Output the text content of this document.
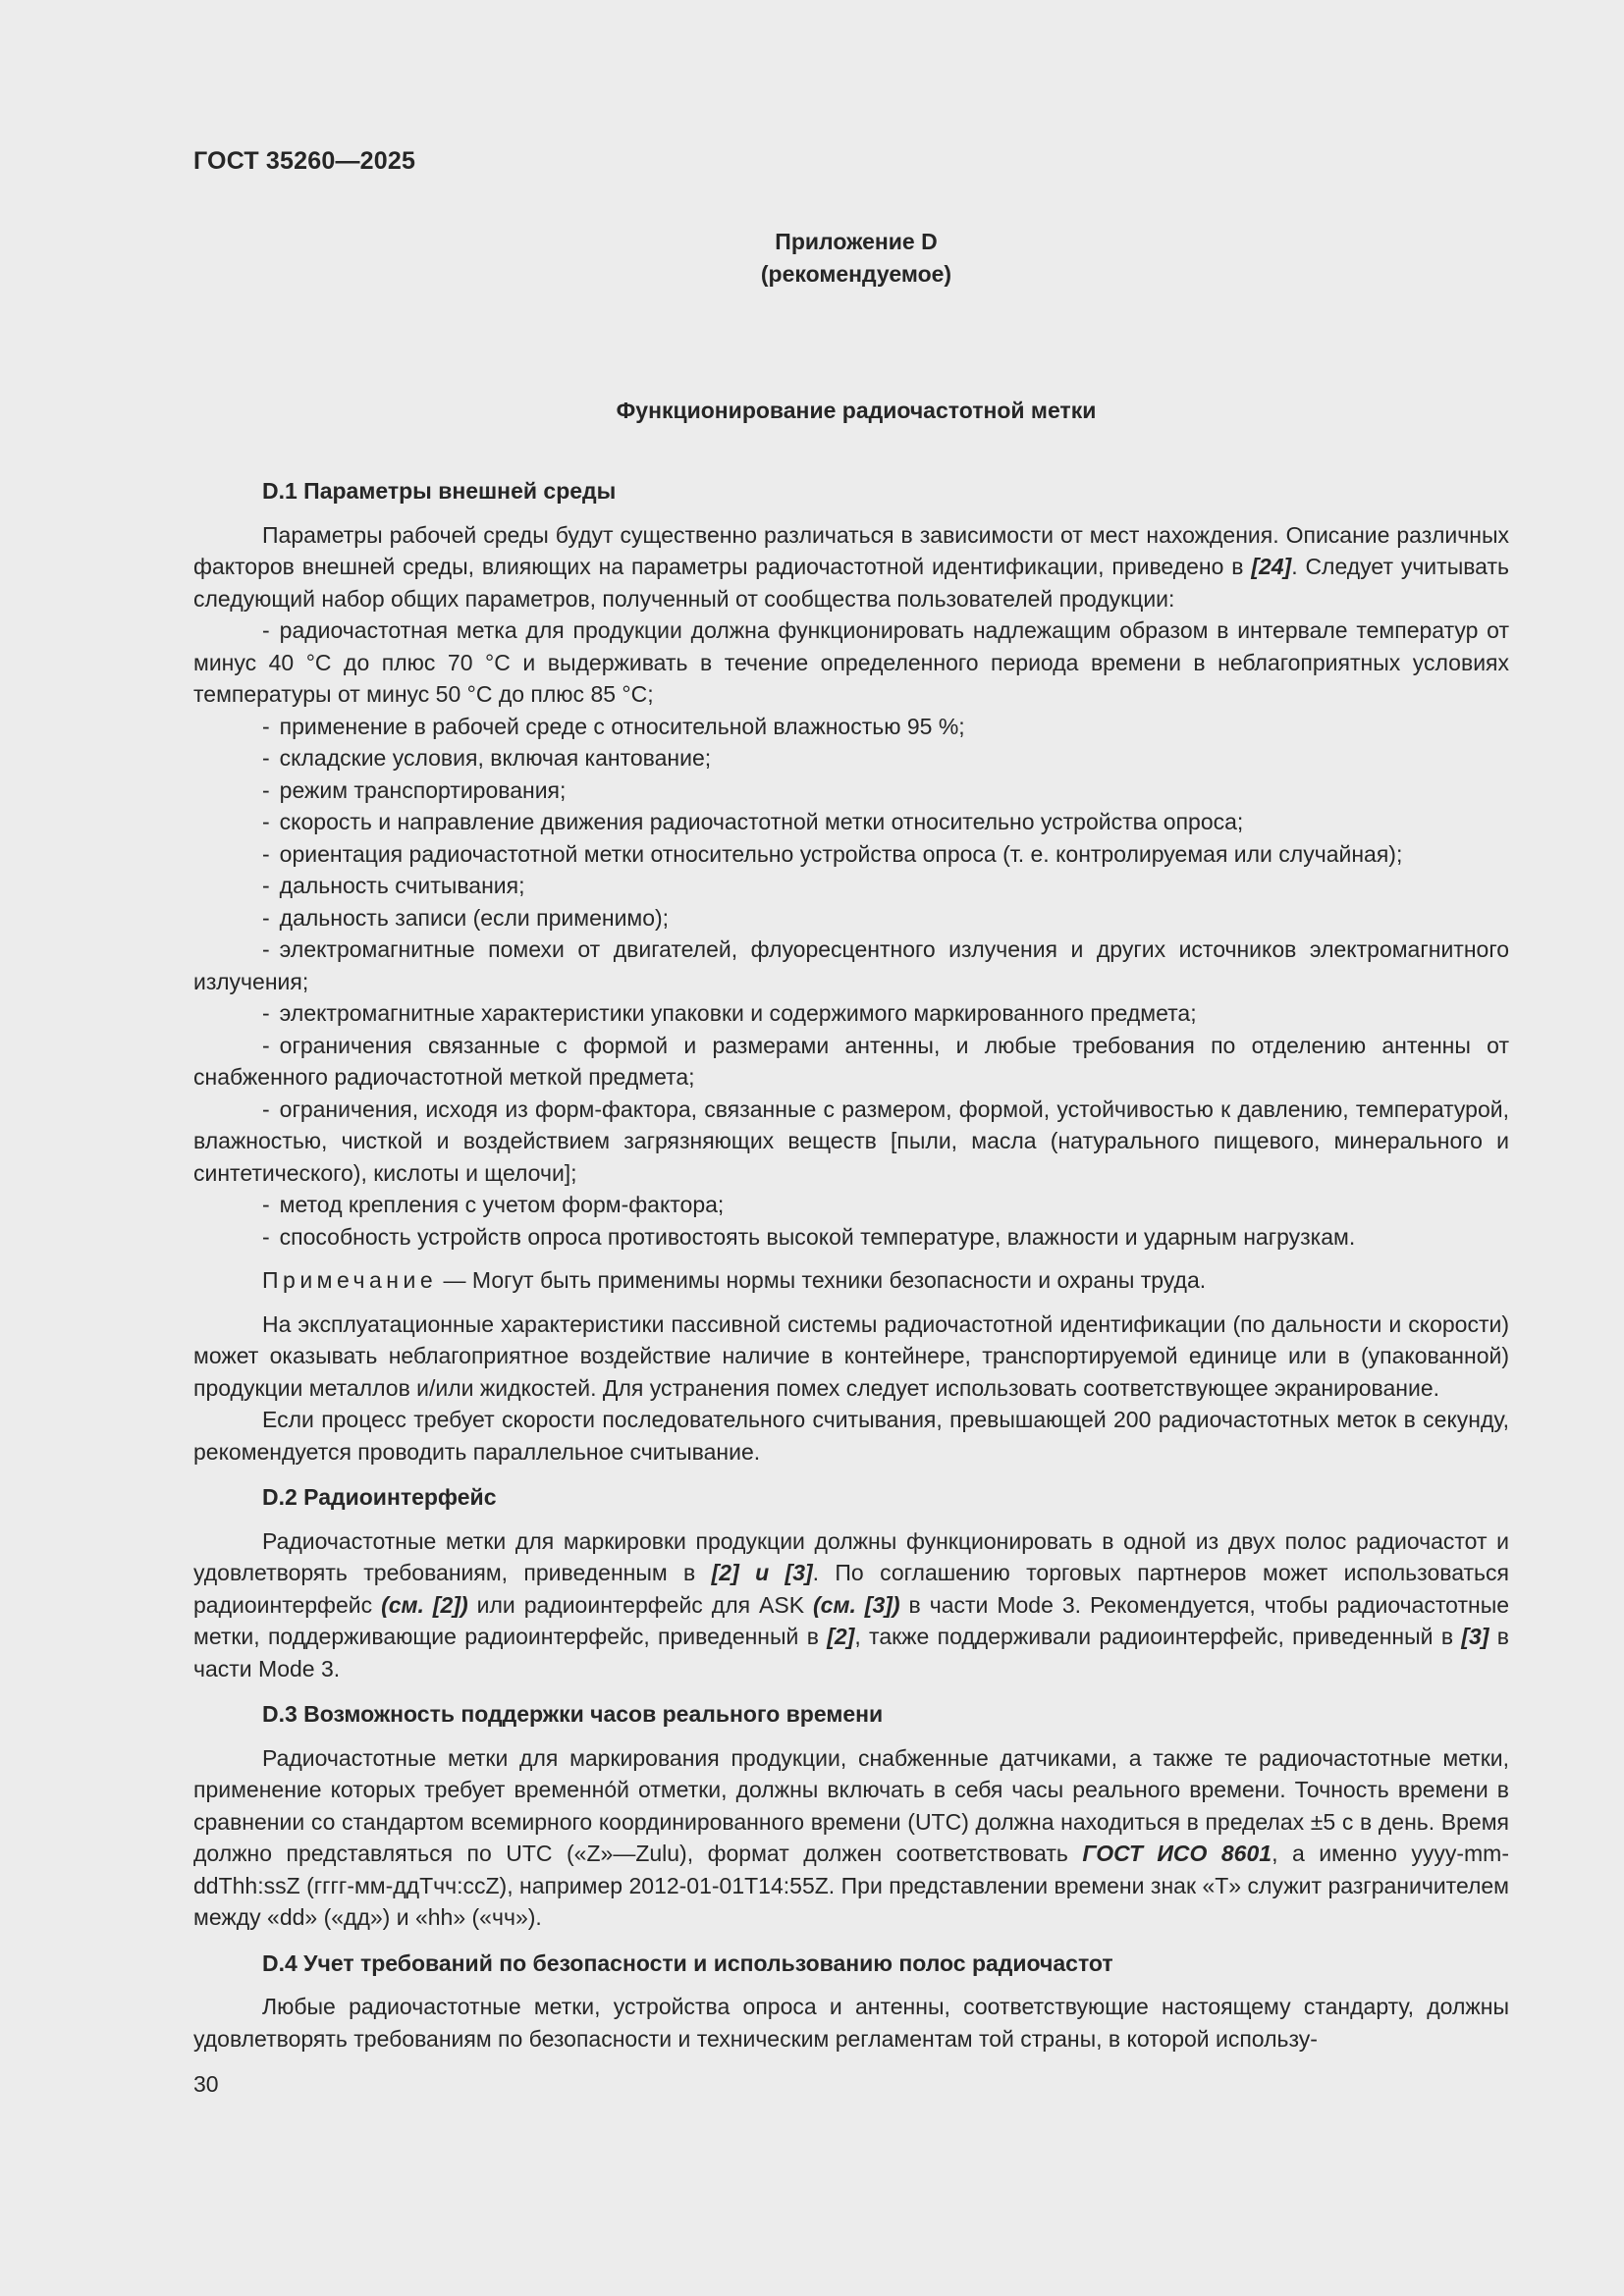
ГОСТ 35260—2025
Приложение D
(рекомендуемое)
Функционирование радиочастотной метки

D.1 Параметры внешней среды

Параметры рабочей среды будут существенно различаться в зависимости от мест нахождения. Описание различных факторов внешней среды, влияющих на параметры радиочастотной идентификации, приведено в [24]. Следует учитывать следующий набор общих параметров, полученный от сообщества пользователей продукции:

- радиочастотная метка для продукции должна функционировать надлежащим образом в интервале температур от минус 40 °C до плюс 70 °C и выдерживать в течение определенного периода времени в неблагоприятных условиях температуры от минус 50 °C до плюс 85 °C;

- применение в рабочей среде с относительной влажностью 95 %;

- складские условия, включая кантование;

- режим транспортирования;

- скорость и направление движения радиочастотной метки относительно устройства опроса;

- ориентация радиочастотной метки относительно устройства опроса (т. е. контролируемая или случайная);

- дальность считывания;

- дальность записи (если применимо);

- электромагнитные помехи от двигателей, флуоресцентного излучения и других источников электромагнитного излучения;

- электромагнитные характеристики упаковки и содержимого маркированного предмета;

- ограничения связанные с формой и размерами антенны, и любые требования по отделению антенны от снабженного радиочастотной меткой предмета;

- ограничения, исходя из форм-фактора, связанные с размером, формой, устойчивостью к давлению, температурой, влажностью, чисткой и воздействием загрязняющих веществ [пыли, масла (натурального пищевого, минерального и синтетического), кислоты и щелочи];

- метод крепления с учетом форм-фактора;

- способность устройств опроса противостоять высокой температуре, влажности и ударным нагрузкам.

Примечание — Могут быть применимы нормы техники безопасности и охраны труда.

На эксплуатационные характеристики пассивной системы радиочастотной идентификации (по дальности и скорости) может оказывать неблагоприятное воздействие наличие в контейнере, транспортируемой единице или в (упакованной) продукции металлов и/или жидкостей. Для устранения помех следует использовать соответствующее экранирование.

Если процесс требует скорости последовательного считывания, превышающей 200 радиочастотных меток в секунду, рекомендуется проводить параллельное считывание.

D.2 Радиоинтерфейс

Радиочастотные метки для маркировки продукции должны функционировать в одной из двух полос радиочастот и удовлетворять требованиям, приведенным в [2] и [3]. По соглашению торговых партнеров может использоваться радиоинтерфейс (см. [2]) или радиоинтерфейс для ASK (см. [3]) в части Mode 3. Рекомендуется, чтобы радиочастотные метки, поддерживающие радиоинтерфейс, приведенный в [2], также поддерживали радиоинтерфейс, приведенный в [3] в части Mode 3.

D.3 Возможность поддержки часов реального времени

Радиочастотные метки для маркирования продукции, снабженные датчиками, а также те радиочастотные метки, применение которых требует временно́й отметки, должны включать в себя часы реального времени. Точность времени в сравнении со стандартом всемирного координированного времени (UTC) должна находиться в пределах ±5 с в день. Время должно представляться по UTC («Z»—Zulu), формат должен соответствовать ГОСТ ИСО 8601, а именно yyyy-mm-ddThh:ssZ (гггг-мм-ддТчч:ccZ), например 2012-01-01T14:55Z. При представлении времени знак «T» служит разграничителем между «dd» («дд») и «hh» («чч»).

D.4 Учет требований по безопасности и использованию полос радиочастот

Любые радиочастотные метки, устройства опроса и антенны, соответствующие настоящему стандарту, должны удовлетворять требованиям по безопасности и техническим регламентам той страны, в которой использу-

30
